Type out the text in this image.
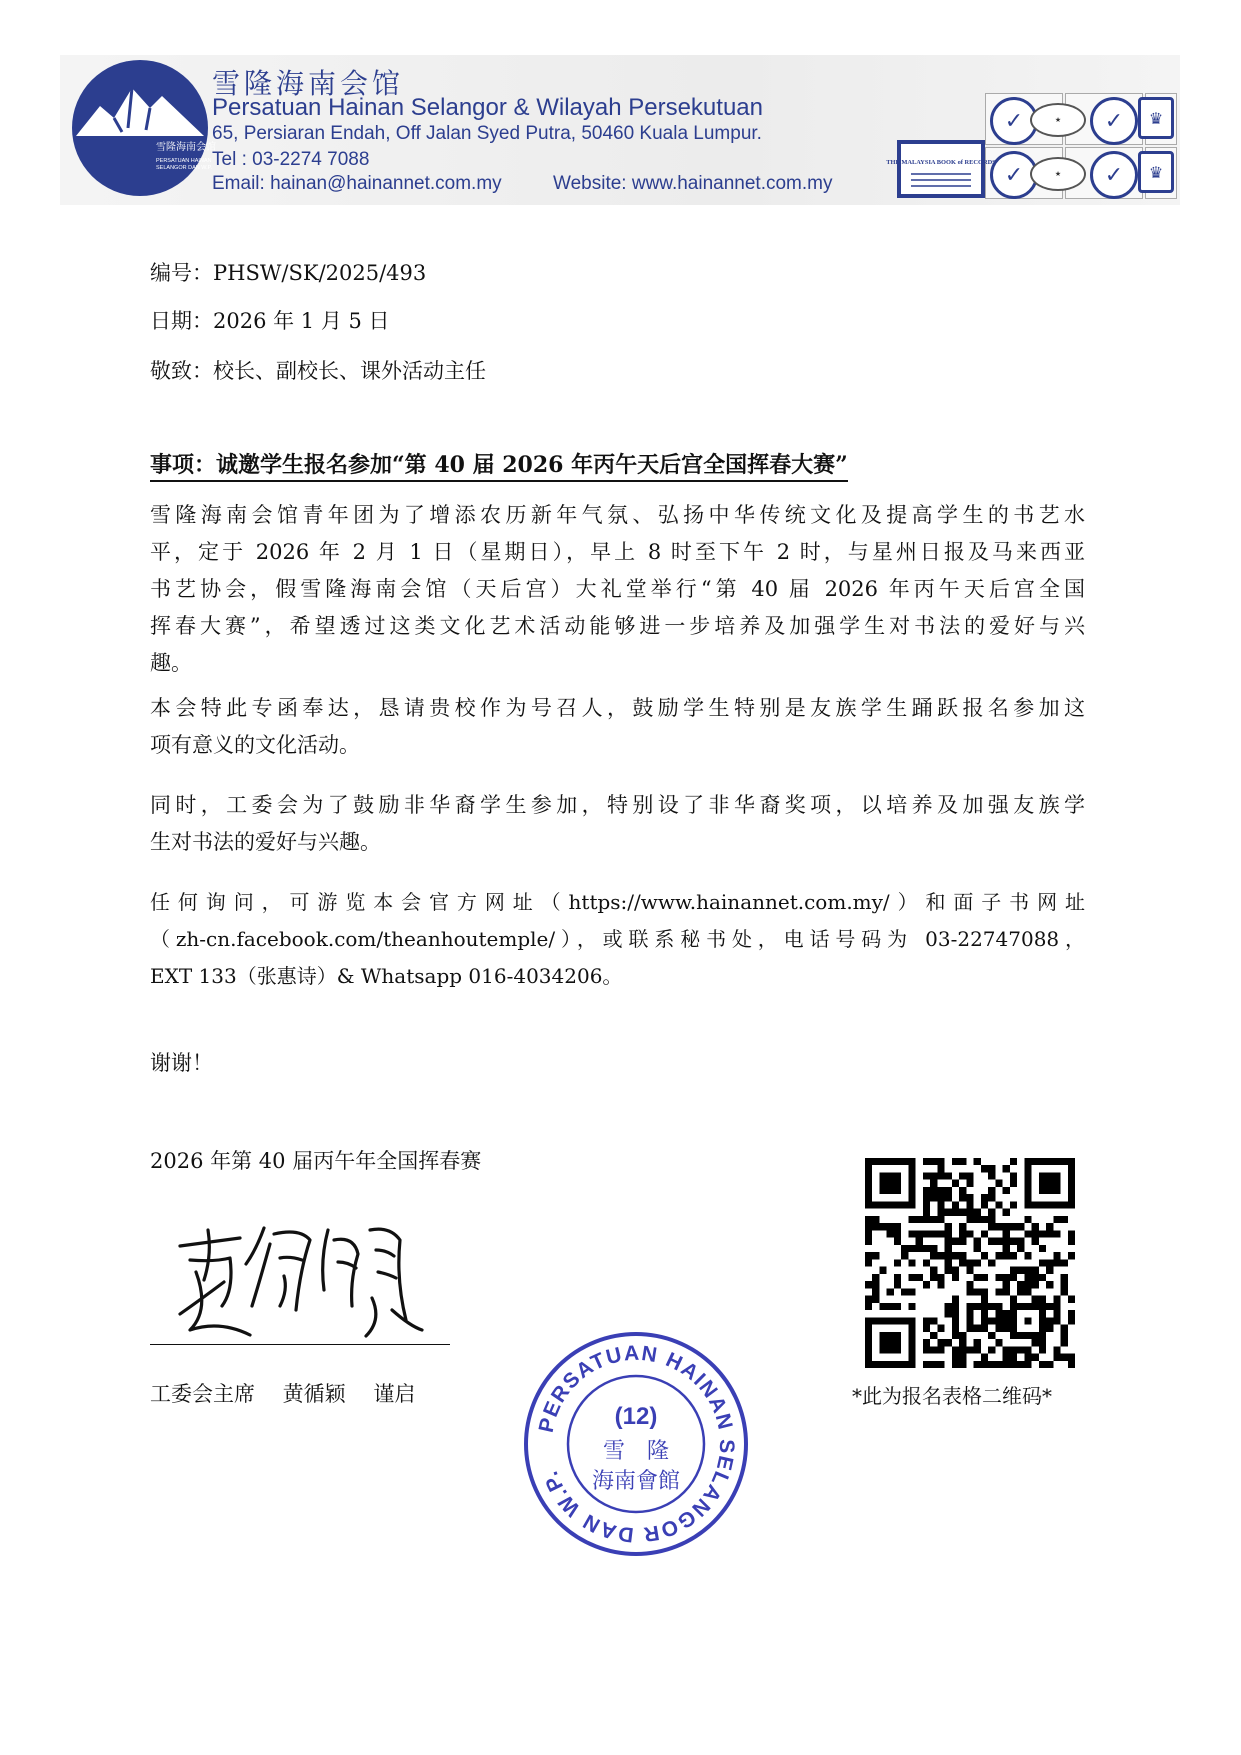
雪隆海南会馆
PERSATUAN HAINAN
SELANGOR DAN W.P.
雪隆海南会馆
Persatuan Hainan Selangor & Wilayah Persekutuan
65, Persiaran Endah, Off Jalan Syed Putra, 50460 Kuala Lumpur.
Tel : 03-2274 7088
Email: hainan@hainannet.com.my	Website: www.hainannet.com.my
✓	★	✓
✓	★	✓
♛
♛
THE MALAYSIA BOOK of RECORDS
编号：PHSW/SK/2025/493
日期：2026 年 1 月 5 日
敬致：校长、副校长、课外活动主任
事项：诚邀学生报名参加“第 40 届 2026 年丙午天后宫全国挥春大赛”
雪隆海南会馆青年团为了增添农历新年气氛、弘扬中华传统文化及提高学生的书艺水
平，定于 2026 年 2 月 1 日（星期日），早上 8 时至下午 2 时，与星州日报及马来西亚
书艺协会，假雪隆海南会馆（天后宫）大礼堂举行“第 40 届 2026 年丙午天后宫全国
挥春大赛”，希望透过这类文化艺术活动能够进一步培养及加强学生对书法的爱好与兴
趣。
本会特此专函奉达，恳请贵校作为号召人，鼓励学生特别是友族学生踊跃报名参加这
项有意义的文化活动。
同时，工委会为了鼓励非华裔学生参加，特别设了非华裔奖项，以培养及加强友族学
生对书法的爱好与兴趣。
任何询问，可游览本会官方网址（https://www.hainannet.com.my/）和面子书网址
（zh-cn.facebook.com/theanhoutemple/），或联系秘书处，电话号码为 03-22747088，
EXT 133（张惠诗）& Whatsapp 016-4034206。
谢谢！
2026 年第 40 届丙午年全国挥春赛
工委会主席　 黄循颖　 谨启
PERSATUAN HAINAN SELANGOR DAN W.P.
(12)
雪　隆
海南會館
*此为报名表格二维码*
